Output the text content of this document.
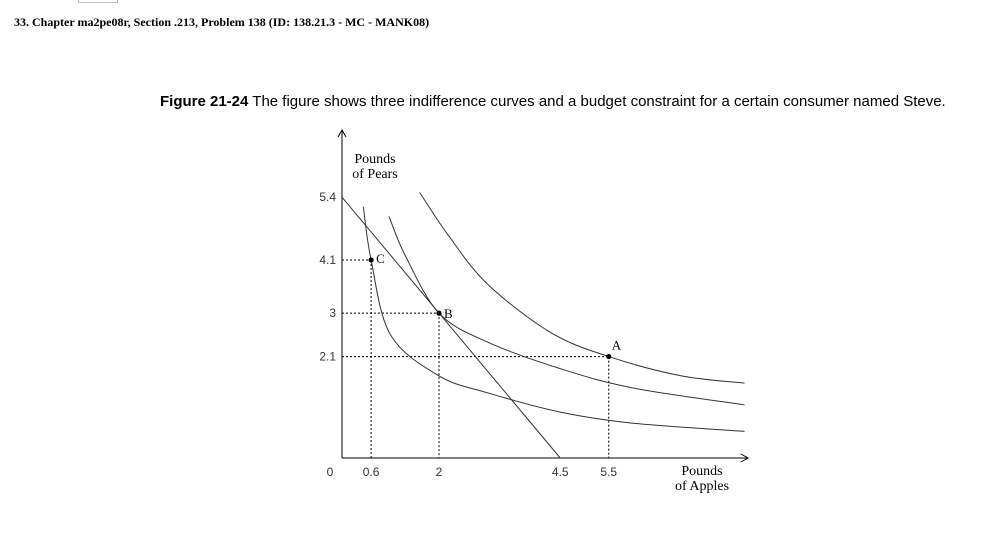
33. Chapter ma2pe08r, Section .213, Problem 138 (ID: 138.21.3 - MC - MANK08)
Figure 21-24 The figure shows three indifference curves and a budget constraint for a certain consumer named Steve.
A
B
C
0.6	2	4.5	5.5
5.4
4.1
3
2.1
0
Pounds
of Pears
Pounds
of Apples
